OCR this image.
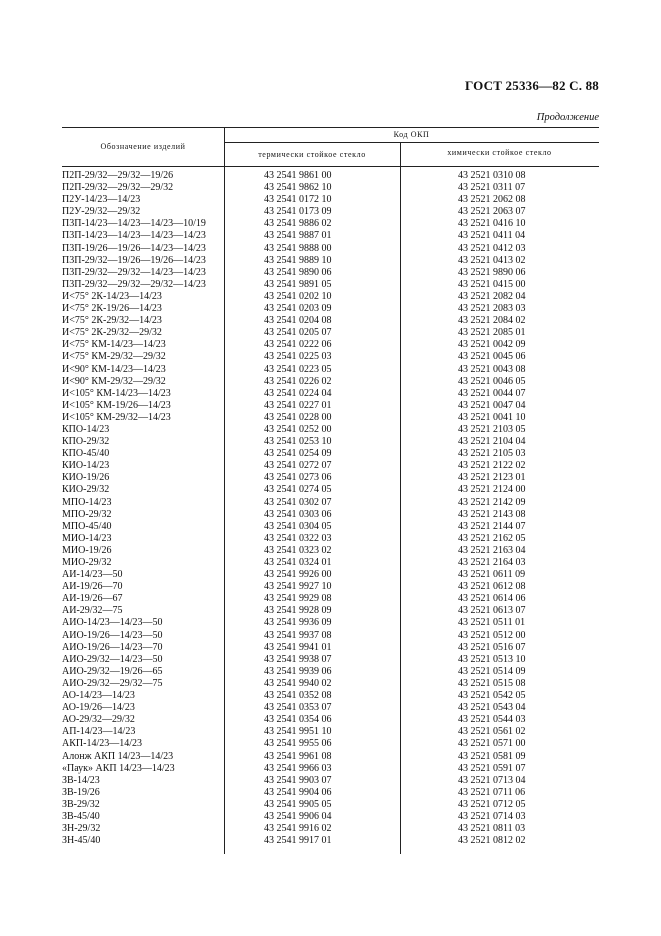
ГОСТ 25336—82 С. 88
Продолжение
Обозначение изделий
Код ОКП
термически стойкое стекло	химически стойкое стекло
П2П-29/32—29/32—19/26	43 2541 9861 00	43 2521 0310 08
П2П-29/32—29/32—29/32	43 2541 9862 10	43 2521 0311 07
П2У-14/23—14/23	43 2541 0172 10	43 2521 2062 08
П2У-29/32—29/32	43 2541 0173 09	43 2521 2063 07
П3П-14/23—14/23—14/23—10/19	43 2541 9886 02	43 2521 0416 10
П3П-14/23—14/23—14/23—14/23	43 2541 9887 01	43 2521 0411 04
П3П-19/26—19/26—14/23—14/23	43 2541 9888 00	43 2521 0412 03
П3П-29/32—19/26—19/26—14/23	43 2541 9889 10	43 2521 0413 02
П3П-29/32—29/32—14/23—14/23	43 2541 9890 06	43 2521 9890 06
П3П-29/32—29/32—29/32—14/23	43 2541 9891 05	43 2521 0415 00
И<75° 2К-14/23—14/23	43 2541 0202 10	43 2521 2082 04
И<75° 2К-19/26—14/23	43 2541 0203 09	43 2521 2083 03
И<75° 2К-29/32—14/23	43 2541 0204 08	43 2521 2084 02
И<75° 2К-29/32—29/32	43 2541 0205 07	43 2521 2085 01
И<75° КМ-14/23—14/23	43 2541 0222 06	43 2521 0042 09
И<75° КМ-29/32—29/32	43 2541 0225 03	43 2521 0045 06
И<90° КМ-14/23—14/23	43 2541 0223 05	43 2521 0043 08
И<90° КМ-29/32—29/32	43 2541 0226 02	43 2521 0046 05
И<105° КМ-14/23—14/23	43 2541 0224 04	43 2521 0044 07
И<105° КМ-19/26—14/23	43 2541 0227 01	43 2521 0047 04
И<105° КМ-29/32—14/23	43 2541 0228 00	43 2521 0041 10
КПО-14/23	43 2541 0252 00	43 2521 2103 05
КПО-29/32	43 2541 0253 10	43 2521 2104 04
КПО-45/40	43 2541 0254 09	43 2521 2105 03
КИО-14/23	43 2541 0272 07	43 2521 2122 02
КИО-19/26	43 2541 0273 06	43 2521 2123 01
КИО-29/32	43 2541 0274 05	43 2521 2124 00
МПО-14/23	43 2541 0302 07	43 2521 2142 09
МПО-29/32	43 2541 0303 06	43 2521 2143 08
МПО-45/40	43 2541 0304 05	43 2521 2144 07
МИО-14/23	43 2541 0322 03	43 2521 2162 05
МИО-19/26	43 2541 0323 02	43 2521 2163 04
МИО-29/32	43 2541 0324 01	43 2521 2164 03
АИ-14/23—50	43 2541 9926 00	43 2521 0611 09
АИ-19/26—70	43 2541 9927 10	43 2521 0612 08
АИ-19/26—67	43 2541 9929 08	43 2521 0614 06
АИ-29/32—75	43 2541 9928 09	43 2521 0613 07
АИО-14/23—14/23—50	43 2541 9936 09	43 2521 0511 01
АИО-19/26—14/23—50	43 2541 9937 08	43 2521 0512 00
АИО-19/26—14/23—70	43 2541 9941 01	43 2521 0516 07
АИО-29/32—14/23—50	43 2541 9938 07	43 2521 0513 10
АИО-29/32—19/26—65	43 2541 9939 06	43 2521 0514 09
АИО-29/32—29/32—75	43 2541 9940 02	43 2521 0515 08
АО-14/23—14/23	43 2541 0352 08	43 2521 0542 05
АО-19/26—14/23	43 2541 0353 07	43 2521 0543 04
АО-29/32—29/32	43 2541 0354 06	43 2521 0544 03
АП-14/23—14/23	43 2541 9951 10	43 2521 0561 02
АКП-14/23—14/23	43 2541 9955 06	43 2521 0571 00
Алонж АКП 14/23—14/23	43 2541 9961 08	43 2521 0581 09
«Паук» АКП 14/23—14/23	43 2541 9966 03	43 2521 0591 07
ЗВ-14/23	43 2541 9903 07	43 2521 0713 04
ЗВ-19/26	43 2541 9904 06	43 2521 0711 06
ЗВ-29/32	43 2541 9905 05	43 2521 0712 05
ЗВ-45/40	43 2541 9906 04	43 2521 0714 03
ЗН-29/32	43 2541 9916 02	43 2521 0811 03
ЗН-45/40	43 2541 9917 01	43 2521 0812 02
